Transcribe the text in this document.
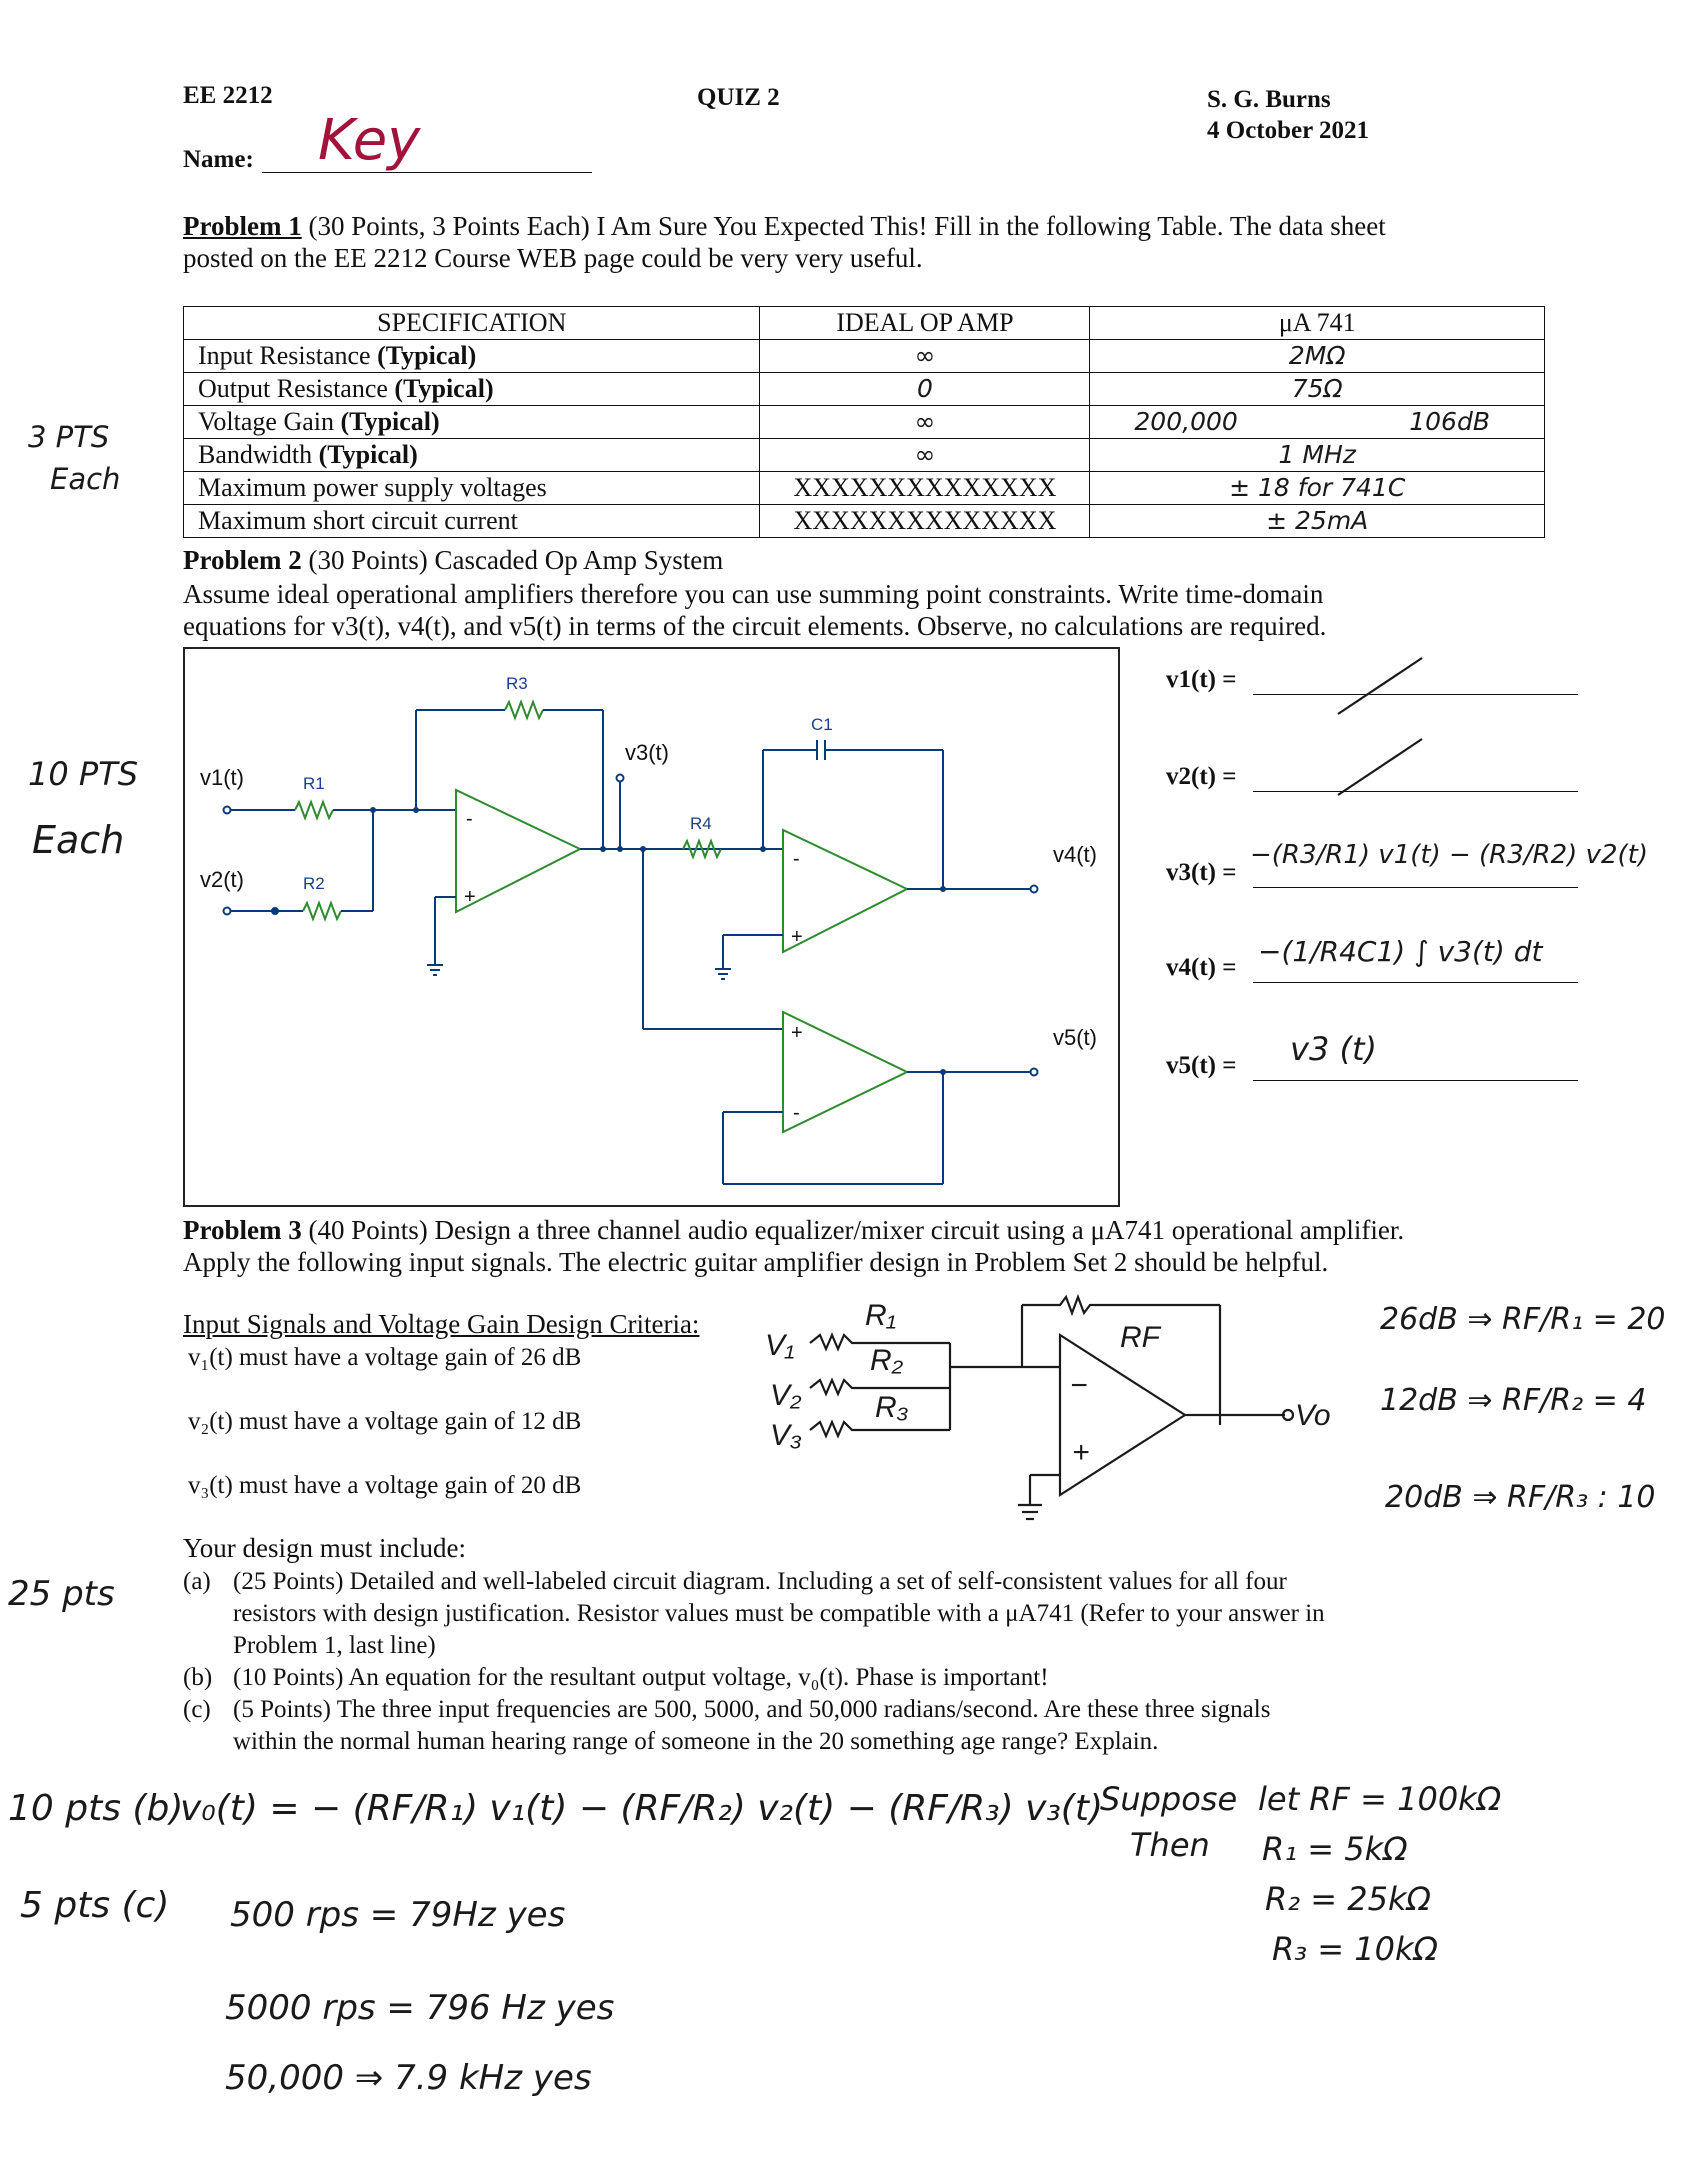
EE 2212	QUIZ 2	S. G. Burns
4 October 2021
Name: Key
Problem 1 (30 Points, 3 Points Each) I Am Sure You Expected This! Fill in the following Table. The data sheet
posted on the EE 2212 Course WEB page could be very very useful.
3 PTS
Each
SPECIFICATION	IDEAL OP AMP	μA 741
Input Resistance (Typical)	∞	2MΩ
Output Resistance (Typical)	0	75Ω
Voltage Gain (Typical)	∞	200,000 106dB

Bandwidth (Typical)	∞	1 MHz
Maximum power supply voltages	XXXXXXXXXXXXXX	± 18 for 741C
Maximum short circuit current	XXXXXXXXXXXXXX	± 25mA
Problem 2 (30 Points) Cascaded Op Amp System
Assume ideal operational amplifiers therefore you can use summing point constraints. Write time-domain
equations for v3(t), v4(t), and v5(t) in terms of the circuit elements. Observe, no calculations are required.
10 PTS
Each
R3
R1
R2
R4
C1
v1(t)
v2(t)
v3(t)
v4(t)
v5(t)
-
+
-
+
+
-
v1(t) =
v2(t) =
v3(t) =
−(R3/R1) v1(t) − (R3/R2) v2(t)
v4(t) = −(1/R4C1) ∫ v3(t) dt
v5(t) = v3 (t)
Problem 3 (40 Points) Design a three channel audio equalizer/mixer circuit using a μA741 operational amplifier.
Apply the following input signals. The electric guitar amplifier design in Problem Set 2 should be helpful.
Input Signals and Voltage Gain Design Criteria:
v₁(t) must have a voltage gain of 26 dB
v₂(t) must have a voltage gain of 12 dB
v₃(t) must have a voltage gain of 20 dB
R₁
R₃
R₂
RF
V₁
V₂
V₃
Vo
−
+
26dB ⇒ RF/R₁ = 20
12dB ⇒ RF/R₂ = 4
20dB ⇒ RF/R₃ : 10
Your design must include:
25 pts	(a) (25 Points) Detailed and well-labeled circuit diagram. Including a set of self-consistent values for all four
resistors with design justification. Resistor values must be compatible with a μA741 (Refer to your answer in
Problem 1, last line)
(b) (10 Points) An equation for the resultant output voltage, v₀(t). Phase is important!
(c) (5 Points) The three input frequencies are 500, 5000, and 50,000 radians/second. Are these three signals
within the normal human hearing range of someone in the 20 something age range? Explain.
10 pts (b)
v₀(t) = − (RF/R₁) v₁(t) − (RF/R₂) v₂(t) − (RF/R₃) v₃(t)
Suppose
Then
let RF = 100kΩ
R₁ = 5kΩ
R₂ = 25kΩ
R₃ = 10kΩ
5 pts (c) 500 rps = 79Hz yes
5000 rps = 796 Hz yes
50,000 ⇒ 7.9 kHz yes
